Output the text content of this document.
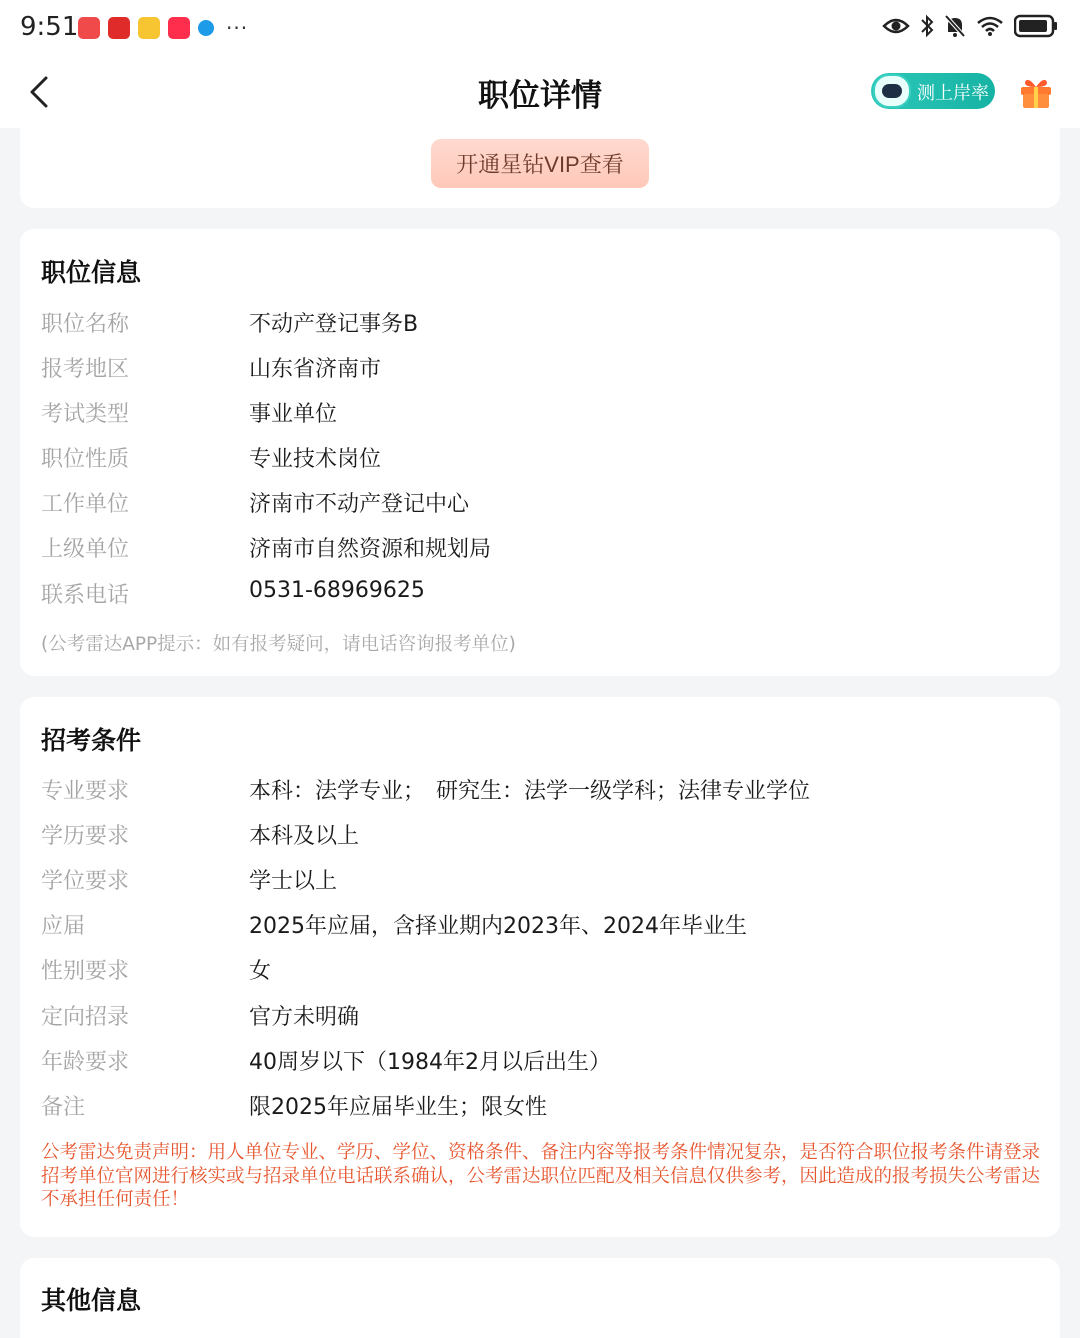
9:51	···
职位详情	测上岸率
开通星钻VIP查看
职位信息
职位名称	不动产登记事务B
报考地区	山东省济南市
考试类型	事业单位
职位性质	专业技术岗位
工作单位	济南市不动产登记中心
上级单位	济南市自然资源和规划局
联系电话	0531-68969625
(公考雷达APP提示：如有报考疑问，请电话咨询报考单位)
招考条件
专业要求	本科：法学专业；　研究生：法学一级学科；法律专业学位
学历要求	本科及以上
学位要求	学士以上
应届	2025年应届，含择业期内2023年、2024年毕业生
性别要求	女
定向招录	官方未明确
年龄要求	40周岁以下（1984年2月以后出生）
备注	限2025年应届毕业生；限女性
公考雷达免责声明：用人单位专业、学历、学位、资格条件、备注内容等报考条件情况复杂，是否符合职位报考条件请登录招考单位官网进行核实或与招录单位电话联系确认，公考雷达职位匹配及相关信息仅供参考，因此造成的报考损失公考雷达不承担任何责任！
其他信息
